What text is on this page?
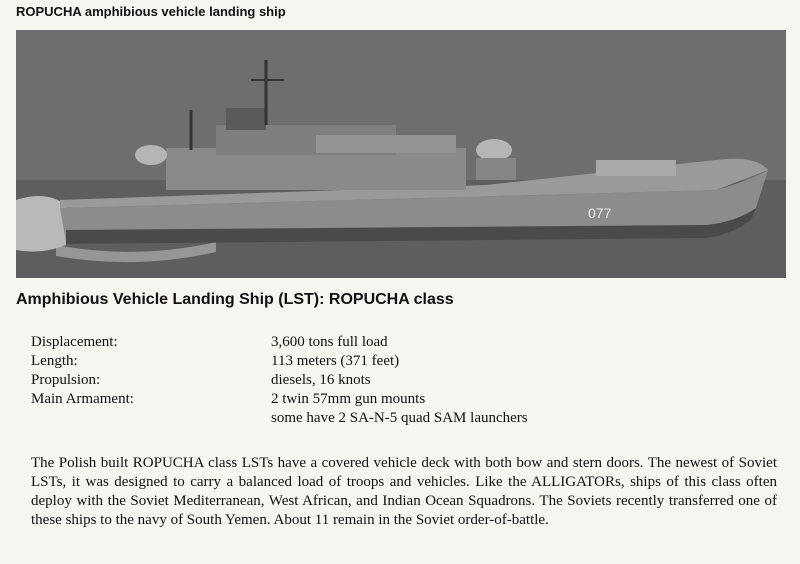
ROPUCHA amphibious vehicle landing ship
077
Amphibious Vehicle Landing Ship (LST): ROPUCHA class
Displacement:	3,600 tons full load
Length:	113 meters (371 feet)
Propulsion:	diesels, 16 knots
Main Armament:	2 twin 57mm gun mounts
some have 2 SA-N-5 quad SAM launchers
The Polish built ROPUCHA class LSTs have a covered vehicle deck with both bow and stern doors. The newest of Soviet LSTs, it was designed to carry a balanced load of troops and vehicles. Like the ALLIGATORs, ships of this class often deploy with the Soviet Mediterranean, West African, and Indian Ocean Squadrons. The Soviets recently transferred one of these ships to the navy of South Yemen. About 11 remain in the Soviet order-of-battle.
